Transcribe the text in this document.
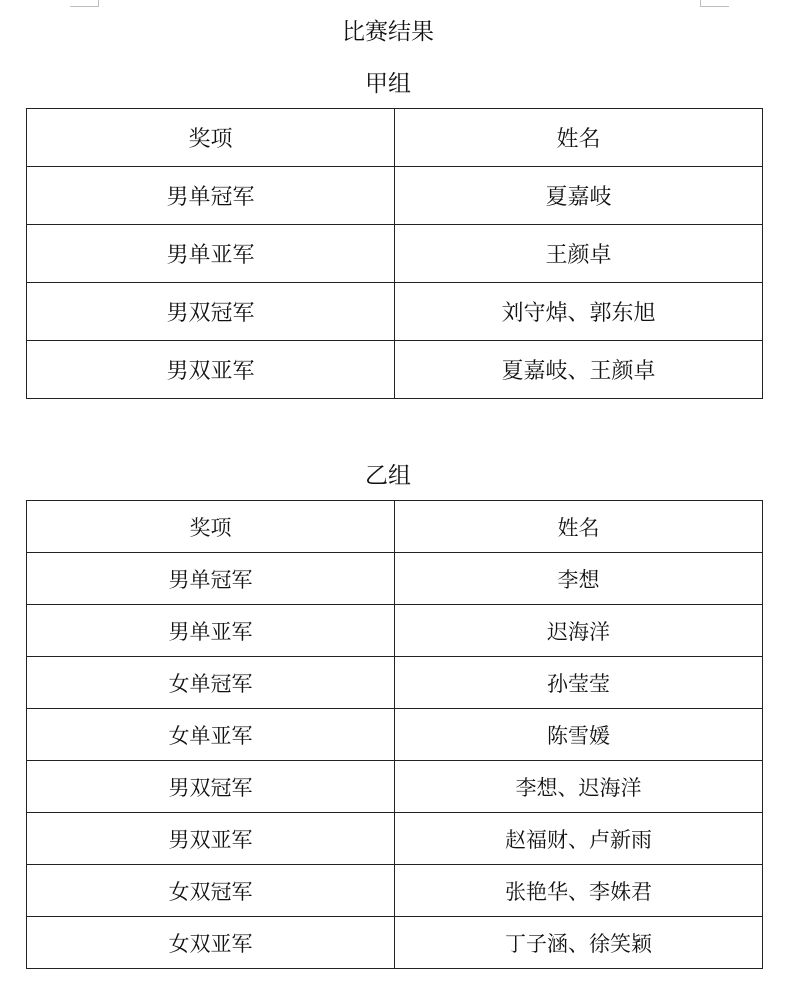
比赛结果
甲组
奖项	姓名
男单冠军	夏嘉岐
男单亚军	王颜卓
男双冠军	刘守焯、郭东旭
男双亚军	夏嘉岐、王颜卓
乙组
奖项	姓名
男单冠军	李想
男单亚军	迟海洋
女单冠军	孙莹莹
女单亚军	陈雪媛
男双冠军	李想、迟海洋
男双亚军	赵福财、卢新雨
女双冠军	张艳华、李姝君
女双亚军	丁子涵、徐笑颖
